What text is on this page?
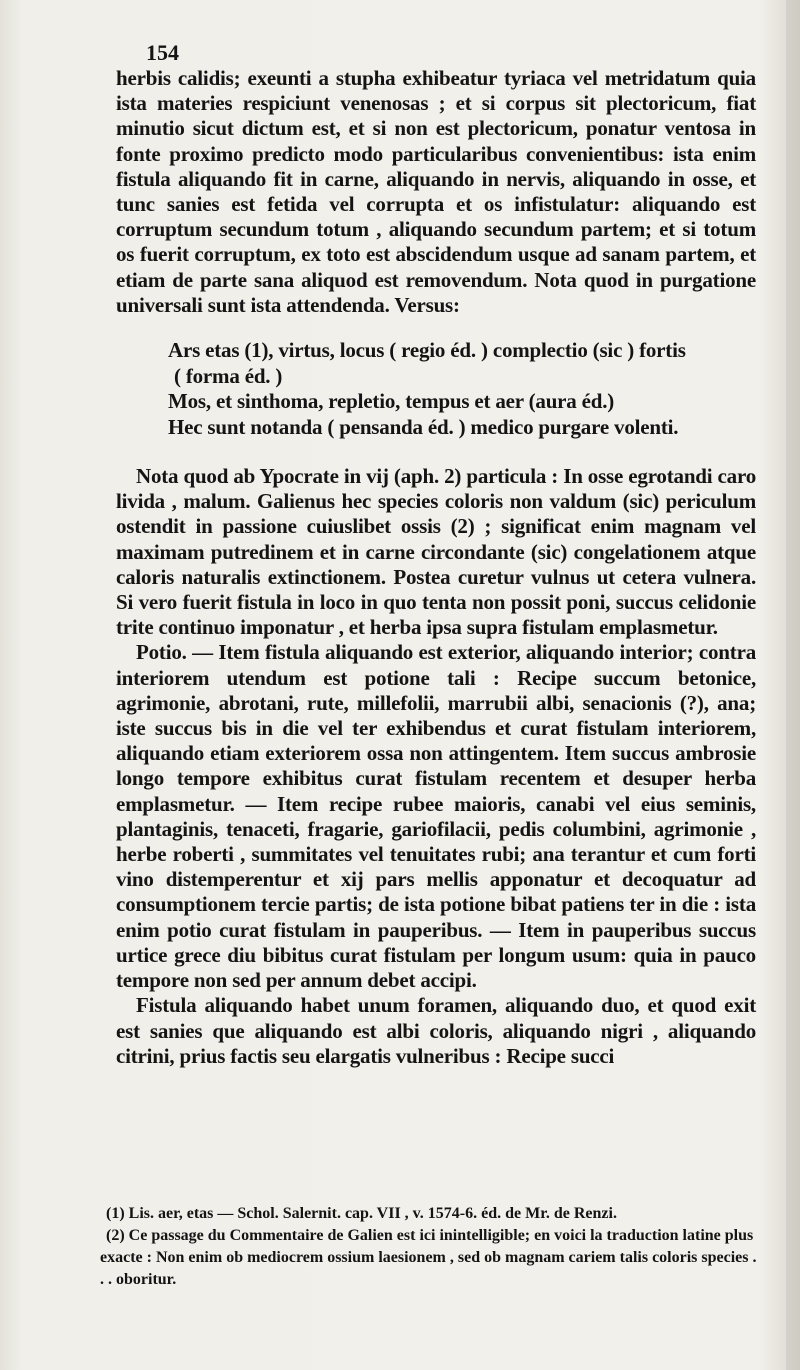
154

herbis calidis; exeunti a stupha exhibeatur tyriaca vel metridatum quia ista materies respiciunt venenosas ; et si corpus sit plectoricum, fiat minutio sicut dictum est, et si non est plectoricum, ponatur ventosa in fonte proximo predicto modo particularibus convenientibus: ista enim fistula aliquando fit in carne, aliquando in nervis, aliquando in osse, et tunc sanies est fetida vel corrupta et os infistulatur: aliquando est corruptum secundum totum , aliquando secundum partem; et si totum os fuerit corruptum, ex toto est abscidendum usque ad sanam partem, et etiam de parte sana aliquod est removendum. Nota quod in purgatione universali sunt ista attendenda. Versus:

Ars etas (1), virtus, locus ( regio éd. ) complectio (sic ) fortis
( forma éd. )
Mos, et sinthoma, repletio, tempus et aer (aura éd.)
Hec sunt notanda ( pensanda éd. ) medico purgare volenti.

Nota quod ab Ypocrate in vij (aph. 2) particula : In osse egrotandi caro livida , malum. Galienus hec species coloris non valdum (sic) periculum ostendit in passione cuiuslibet ossis (2) ; significat enim magnam vel maximam putredinem et in carne circondante (sic) congelationem atque caloris naturalis extinctionem. Postea curetur vulnus ut cetera vulnera. Si vero fuerit fistula in loco in quo tenta non possit poni, succus celidonie trite continuo imponatur , et herba ipsa supra fistulam emplasmetur.

Potio. — Item fistula aliquando est exterior, aliquando interior; contra interiorem utendum est potione tali : Recipe succum betonice, agrimonie, abrotani, rute, millefolii, marrubii albi, senacionis (?), ana; iste succus bis in die vel ter exhibendus et curat fistulam interiorem, aliquando etiam exteriorem ossa non attingentem. Item succus ambrosie longo tempore exhibitus curat fistulam recentem et desuper herba emplasmetur. — Item recipe rubee maioris, canabi vel eius seminis, plantaginis, tenaceti, fragarie, gariofilacii, pedis columbini, agrimonie , herbe roberti , summitates vel tenuitates rubi; ana terantur et cum forti vino distemperentur et xij pars mellis apponatur et decoquatur ad consumptionem tercie partis; de ista potione bibat patiens ter in die : ista enim potio curat fistulam in pauperibus. — Item in pauperibus succus urtice grece diu bibitus curat fistulam per longum usum: quia in pauco tempore non sed per annum debet accipi.

Fistula aliquando habet unum foramen, aliquando duo, et quod exit est sanies que aliquando est albi coloris, aliquando nigri , aliquando citrini, prius factis seu elargatis vulneribus : Recipe succi

(1) Lis. aer, etas — Schol. Salernit. cap. VII , v. 1574-6. éd. de Mr. de Renzi.

(2) Ce passage du Commentaire de Galien est ici inintelligible; en voici la traduction latine plus exacte : Non enim ob mediocrem ossium laesionem , sed ob magnam cariem talis coloris species . . . oboritur.
